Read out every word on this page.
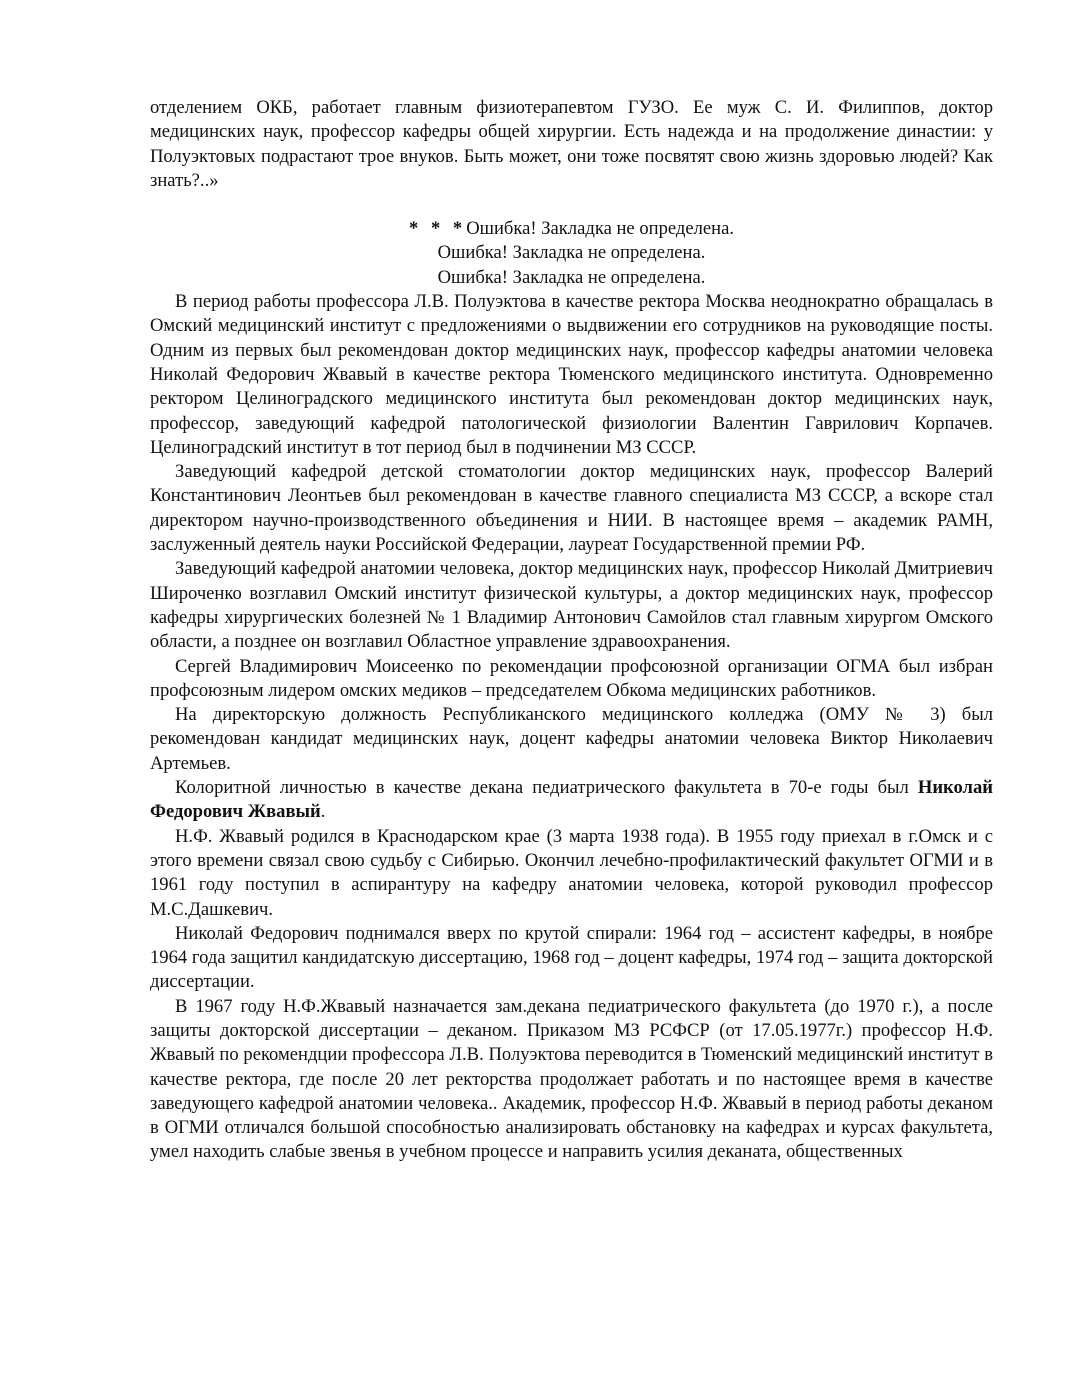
отделением ОКБ, работает главным физиотерапевтом ГУЗО. Ее муж С. И. Филиппов, доктор медицинских наук, профессор кафедры общей хирургии. Есть надежда и на продолжение династии: у Полуэктовых подрастают трое внуков. Быть может, они тоже посвятят свою жизнь здоровью людей? Как знать?..»

* * *Ошибка! Закладка не определена.
Ошибка! Закладка не определена.
Ошибка! Закладка не определена.

В период работы профессора Л.В. Полуэктова в качестве ректора Москва неоднократно обращалась в Омский медицинский институт с предложениями о выдвижении его сотрудников на руководящие посты. Одним из первых был рекомендован доктор медицинских наук, профессор кафедры анатомии человека Николай Федорович Жвавый в качестве ректора Тюменского медицинского института. Одновременно ректором Целиноградского медицинского института был рекомендован доктор медицинских наук, профессор, заведующий кафедрой патологической физиологии Валентин Гаврилович Корпачев. Целиноградский институт в тот период был в подчинении МЗ СССР.

Заведующий кафедрой детской стоматологии доктор медицинских наук, профессор Валерий Константинович Леонтьев был рекомендован в качестве главного специалиста МЗ СССР, а вскоре стал директором научно-производственного объединения и НИИ. В настоящее время – академик РАМН, заслуженный деятель науки Российской Федерации, лауреат Государственной премии РФ.

Заведующий кафедрой анатомии человека, доктор медицинских наук, профессор Николай Дмитриевич Широченко возглавил Омский институт физической культуры, а доктор медицинских наук, профессор кафедры хирургических болезней № 1 Владимир Антонович Самойлов стал главным хирургом Омского области, а позднее он возглавил Областное управление здравоохранения.

Сергей Владимирович Моисеенко по рекомендации профсоюзной организации ОГМА был избран профсоюзным лидером омских медиков – председателем Обкома медицинских работников.

На директорскую должность Республиканского медицинского колледжа (ОМУ № 3) был рекомендован кандидат медицинских наук, доцент кафедры анатомии человека Виктор Николаевич Артемьев.

Колоритной личностью в качестве декана педиатрического факультета в 70-е годы был Николай Федорович Жвавый.

Н.Ф. Жвавый родился в Краснодарском крае (3 марта 1938 года). В 1955 году приехал в г.Омск и с этого времени связал свою судьбу с Сибирью. Окончил лечебно-профилактический факультет ОГМИ и в 1961 году поступил в аспирантуру на кафедру анатомии человека, которой руководил профессор М.С.Дашкевич.

Николай Федорович поднимался вверх по крутой спирали: 1964 год – ассистент кафедры, в ноябре 1964 года защитил кандидатскую диссертацию, 1968 год – доцент кафедры, 1974 год – защита докторской диссертации.

В 1967 году Н.Ф.Жвавый назначается зам.декана педиатрического факультета (до 1970 г.), а после защиты докторской диссертации – деканом. Приказом МЗ РСФСР (от 17.05.1977г.) профессор Н.Ф. Жвавый по рекомендции профессора Л.В. Полуэктова переводится в Тюменский медицинский институт в качестве ректора, где после 20 лет ректорства продолжает работать и по настоящее время в качестве заведующего кафедрой анатомии человека.. Академик, профессор Н.Ф. Жвавый в период работы деканом в ОГМИ отличался большой способностью анализировать обстановку на кафедрах и курсах факультета, умел находить слабые звенья в учебном процессе и направить усилия деканата, общественных
